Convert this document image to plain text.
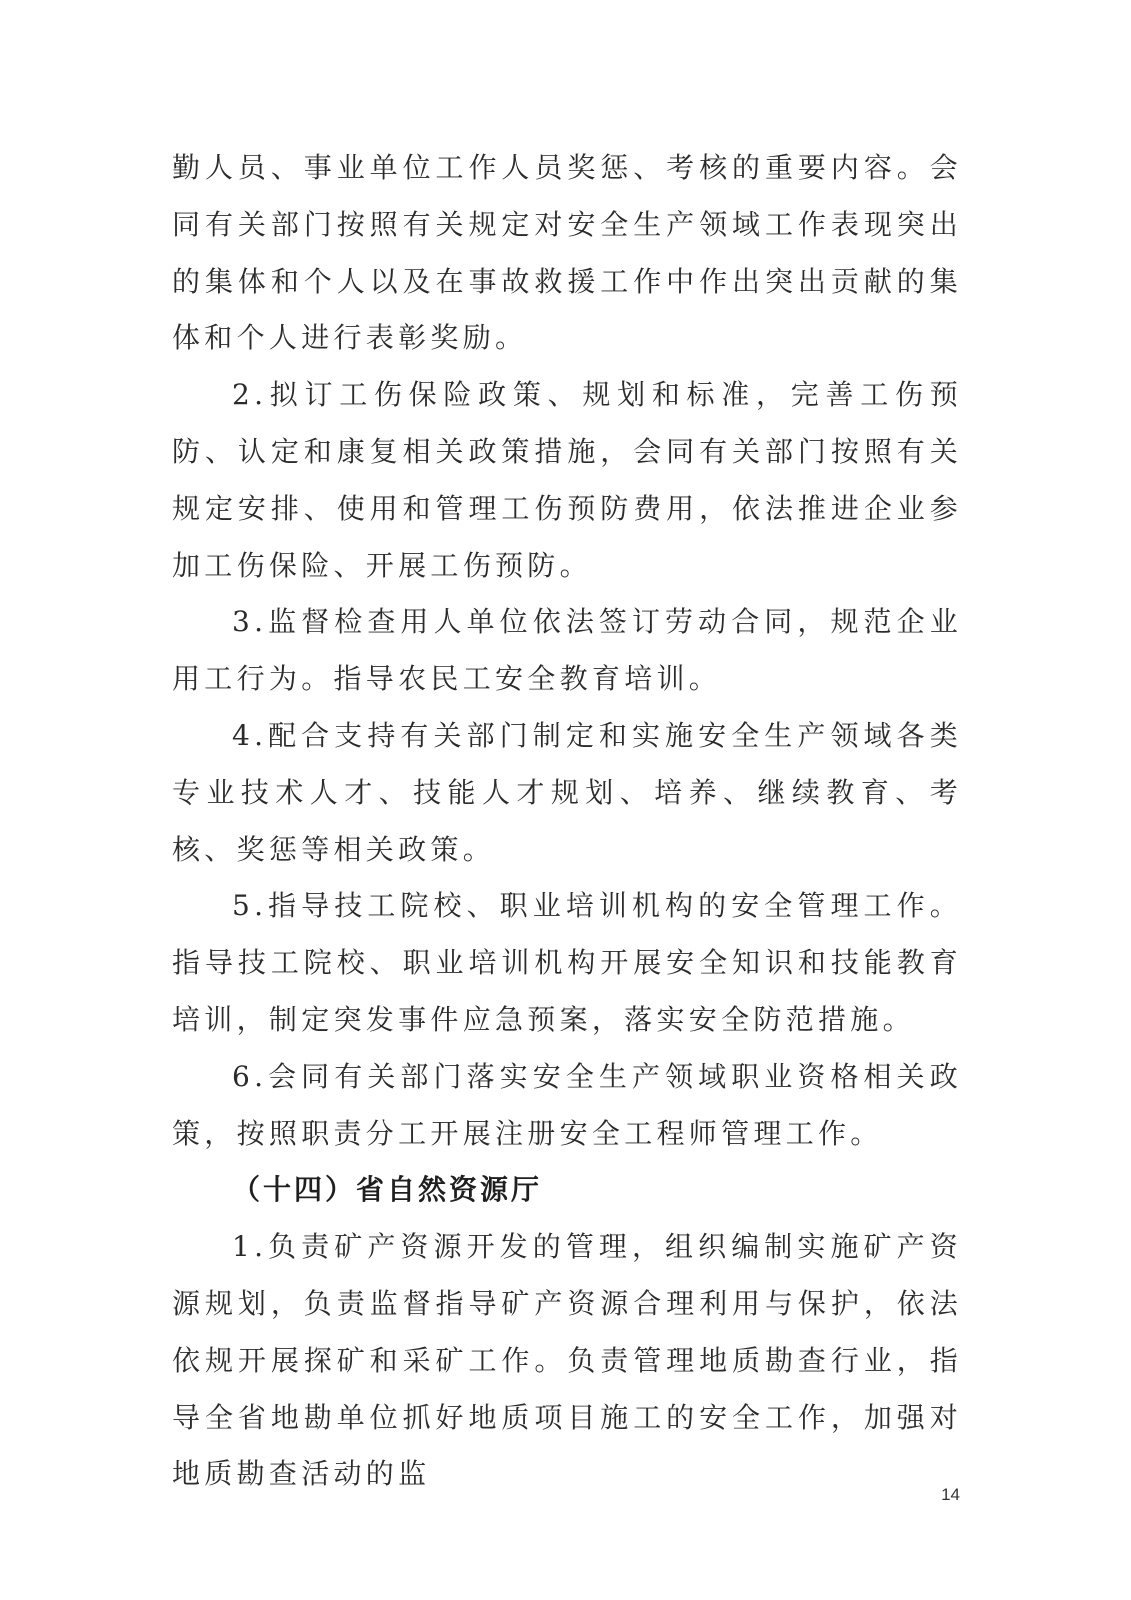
勤人员、事业单位工作人员奖惩、考核的重要内容。会同有关部门按照有关规定对安全生产领域工作表现突出的集体和个人以及在事故救援工作中作出突出贡献的集体和个人进行表彰奖励。

2.拟订工伤保险政策、规划和标准，完善工伤预防、认定和康复相关政策措施，会同有关部门按照有关规定安排、使用和管理工伤预防费用，依法推进企业参加工伤保险、开展工伤预防。

3.监督检查用人单位依法签订劳动合同，规范企业用工行为。指导农民工安全教育培训。

4.配合支持有关部门制定和实施安全生产领域各类专业技术人才、技能人才规划、培养、继续教育、考核、奖惩等相关政策。

5.指导技工院校、职业培训机构的安全管理工作。指导技工院校、职业培训机构开展安全知识和技能教育培训，制定突发事件应急预案，落实安全防范措施。

6.会同有关部门落实安全生产领域职业资格相关政策，按照职责分工开展注册安全工程师管理工作。

（十四）省自然资源厅

1.负责矿产资源开发的管理，组织编制实施矿产资源规划，负责监督指导矿产资源合理利用与保护，依法依规开展探矿和采矿工作。负责管理地质勘查行业，指导全省地勘单位抓好地质项目施工的安全工作，加强对地质勘查活动的监

14
